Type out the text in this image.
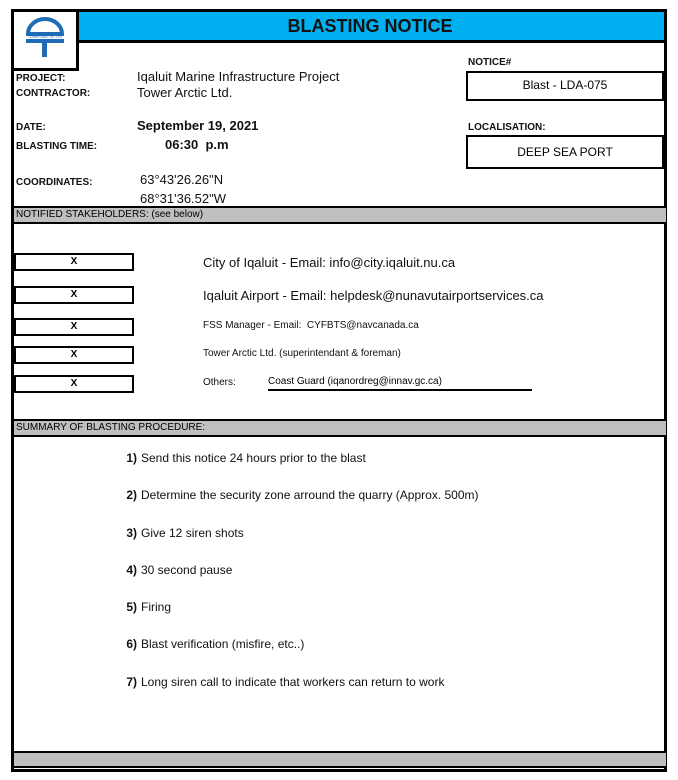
BLASTING NOTICE
TOWER ARCTIC LTD
PROJECT:	Iqaluit Marine Infrastructure Project
CONTRACTOR:	Tower Arctic Ltd.
DATE:	September 19, 2021
BLASTING TIME:	06:30  p.m
COORDINATES:	63°43'26.26"N
68°31'36.52"W
NOTICE#
Blast - LDA-075
LOCALISATION:
DEEP SEA PORT
NOTIFIED STAKEHOLDERS: (see below)
X	City of Iqaluit - Email: info@city.iqaluit.nu.ca
X	Iqaluit Airport - Email: helpdesk@nunavutairportservices.ca
X	FSS Manager - Email:  CYFBTS@navcanada.ca
X	Tower Arctic Ltd. (superintendant & foreman)
X	Others:	Coast Guard (iqanordreg@innav.gc.ca)
SUMMARY OF BLASTING PROCEDURE:
1) Send this notice 24 hours prior to the blast
2) Determine the security zone arround the quarry (Approx. 500m)
3) Give 12 siren shots
4) 30 second pause
5) Firing
6) Blast verification (misfire, etc..)
7) Long siren call to indicate that workers can return to work
